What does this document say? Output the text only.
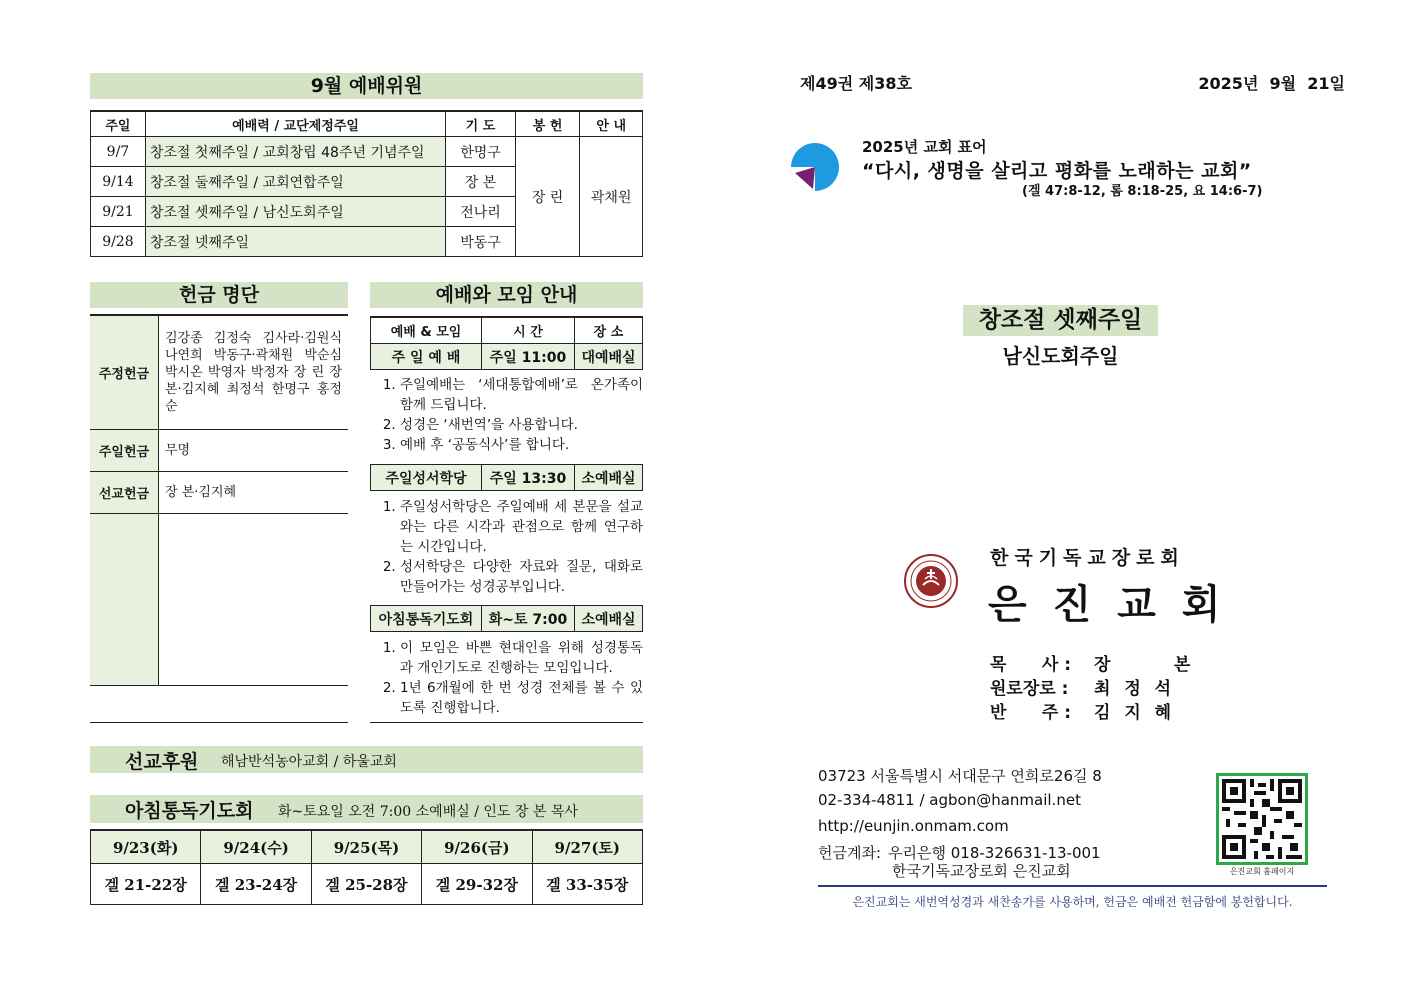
9월 예배위원
주일	예배력 / 교단제정주일	기 도	봉 헌	안 내
9/7	창조절 첫째주일 / 교회창립 48주년 기념주일	한명구	장 린	곽채원
9/14	창조절 둘째주일 / 교회연합주일	장 본		
9/21	창조절 셋째주일 / 남신도회주일	전나리		
9/28	창조절 넷째주일	박동구		
헌금 명단
주정헌금	김강종 김정숙 김사라·김원식 나연희 박동구·곽채원 박순심 박시온 박영자 박정자 장 린 장 본·김지혜 최정석 한명구 홍정순
주일헌금	무명
선교헌금	장 본·김지혜

예배와 모임 안내
예배 & 모임	시 간	장 소
주 일 예 배	주일 11:00	대예배실
1. 주일예배는 ‘세대통합예배’로 온가족이 함께 드립니다.
2. 성경은 ‘새번역’을 사용합니다.
3. 예배 후 ‘공동식사’를 합니다.
주일성서학당	주일 13:30	소예배실
1. 주일성서학당은 주일예배 세 본문을 설교와는 다른 시각과 관점으로 함께 연구하는 시간입니다.
2. 성서학당은 다양한 자료와 질문, 대화로 만들어가는 성경공부입니다.
아침통독기도회	화~토 7:00	소예배실
1. 이 모임은 바쁜 현대인을 위해 성경통독과 개인기도로 진행하는 모임입니다.
2. 1년 6개월에 한 번 성경 전체를 볼 수 있도록 진행합니다.
선교후원 해남반석농아교회 / 하울교회
아침통독기도회 화~토요일 오전 7:00 소예배실 / 인도 장 본 목사
9/23(화)	9/24(수)	9/25(목)	9/26(금)	9/27(토)
겔 21-22장	겔 23-24장	겔 25-28장	겔 29-32장	겔 33-35장
제49권 제38호	2025년  9월  21일
2025년 교회 표어
“다시, 생명을 살리고 평화를 노래하는 교회”
(겔 47:8-12, 롬 8:18-25, 요 14:6-7)
창조절 셋째주일
남신도회주일
한국기독교장로회
은 진 교 회
목      사 : 장      본
원로장로 : 최 정 석
반      주 : 김 지 혜
03723 서울특별시 서대문구 연희로26길 8
02-334-4811 / agbon@hanmail.net
http://eunjin.onmam.com
헌금계좌: 우리은행 018-326631-13-001
한국기독교장로회 은진교회	은진교회 홈페이지
은진교회는 새번역성경과 새찬송가를 사용하며, 헌금은 예배전 헌금함에 봉헌합니다.
